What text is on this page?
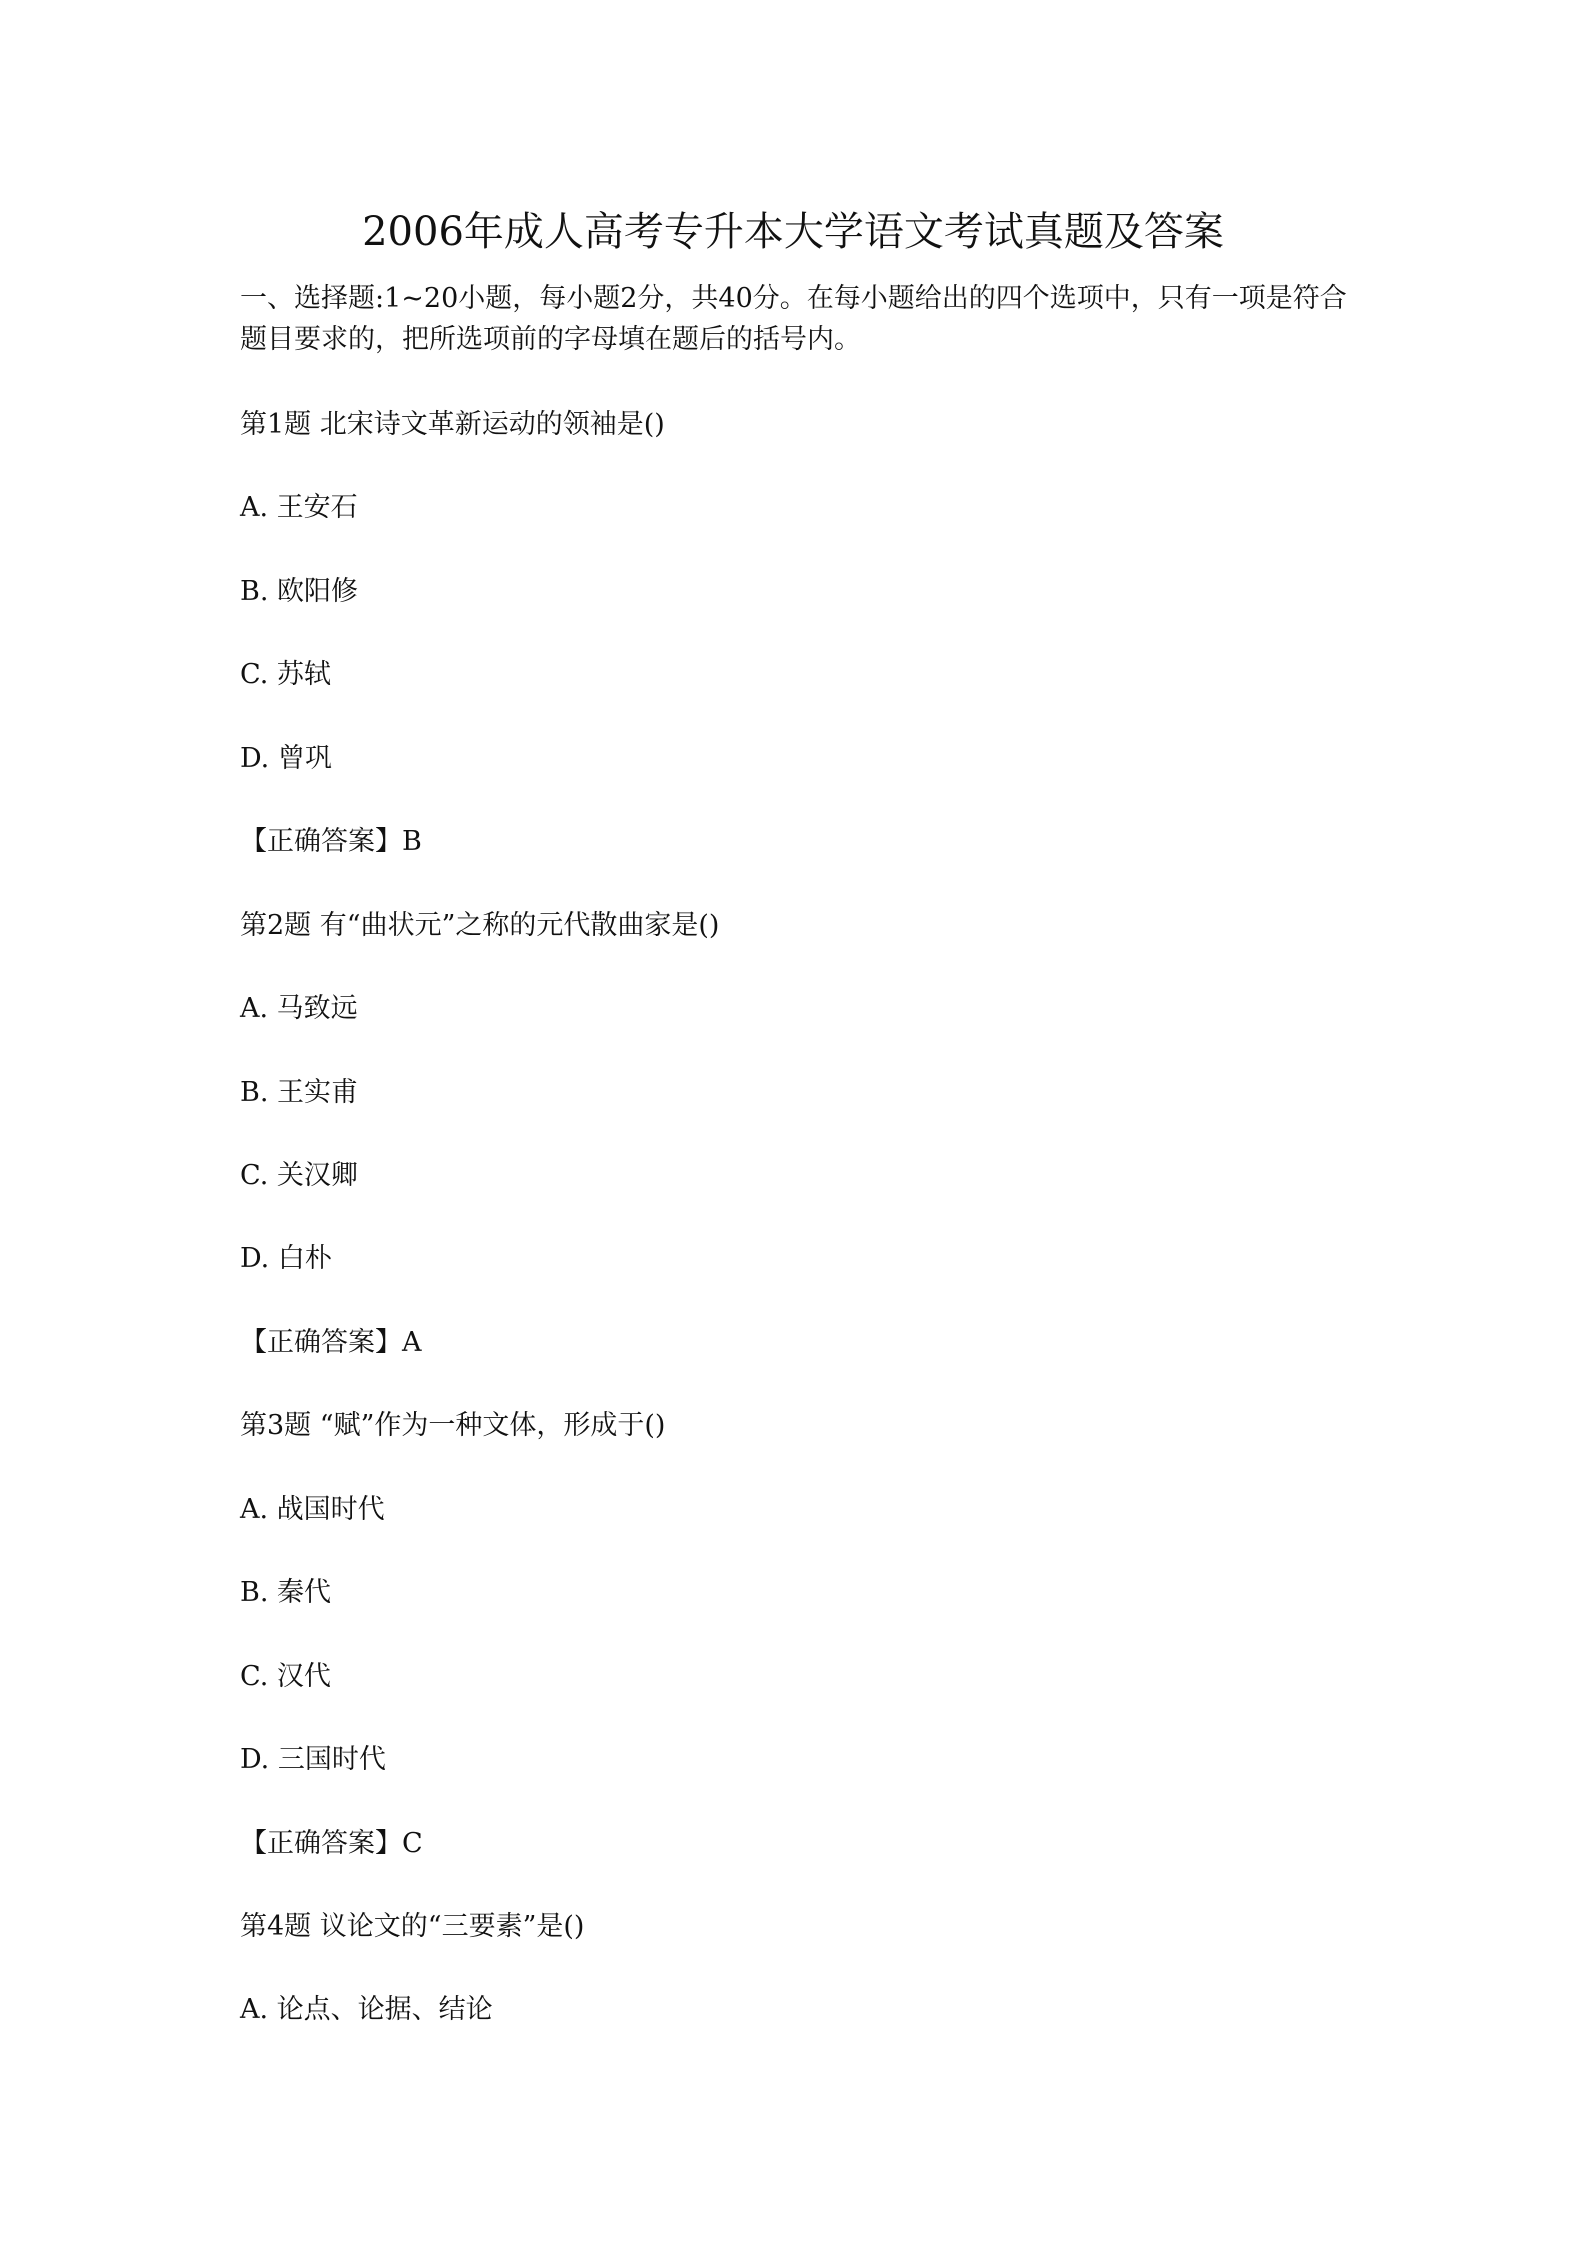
2006年成人高考专升本大学语文考试真题及答案

一、选择题:1~20小题，每小题2分，共40分。在每小题给出的四个选项中，只有一项是符合题目要求的，把所选项前的字母填在题后的括号内。

第1题 北宋诗文革新运动的领袖是()

A. 王安石

B. 欧阳修

C. 苏轼

D. 曾巩

【正确答案】B

第2题 有“曲状元”之称的元代散曲家是()

A. 马致远

B. 王实甫

C. 关汉卿

D. 白朴

【正确答案】A

第3题 “赋”作为一种文体，形成于()

A. 战国时代

B. 秦代

C. 汉代

D. 三国时代

【正确答案】C

第4题 议论文的“三要素”是()

A. 论点、论据、结论
